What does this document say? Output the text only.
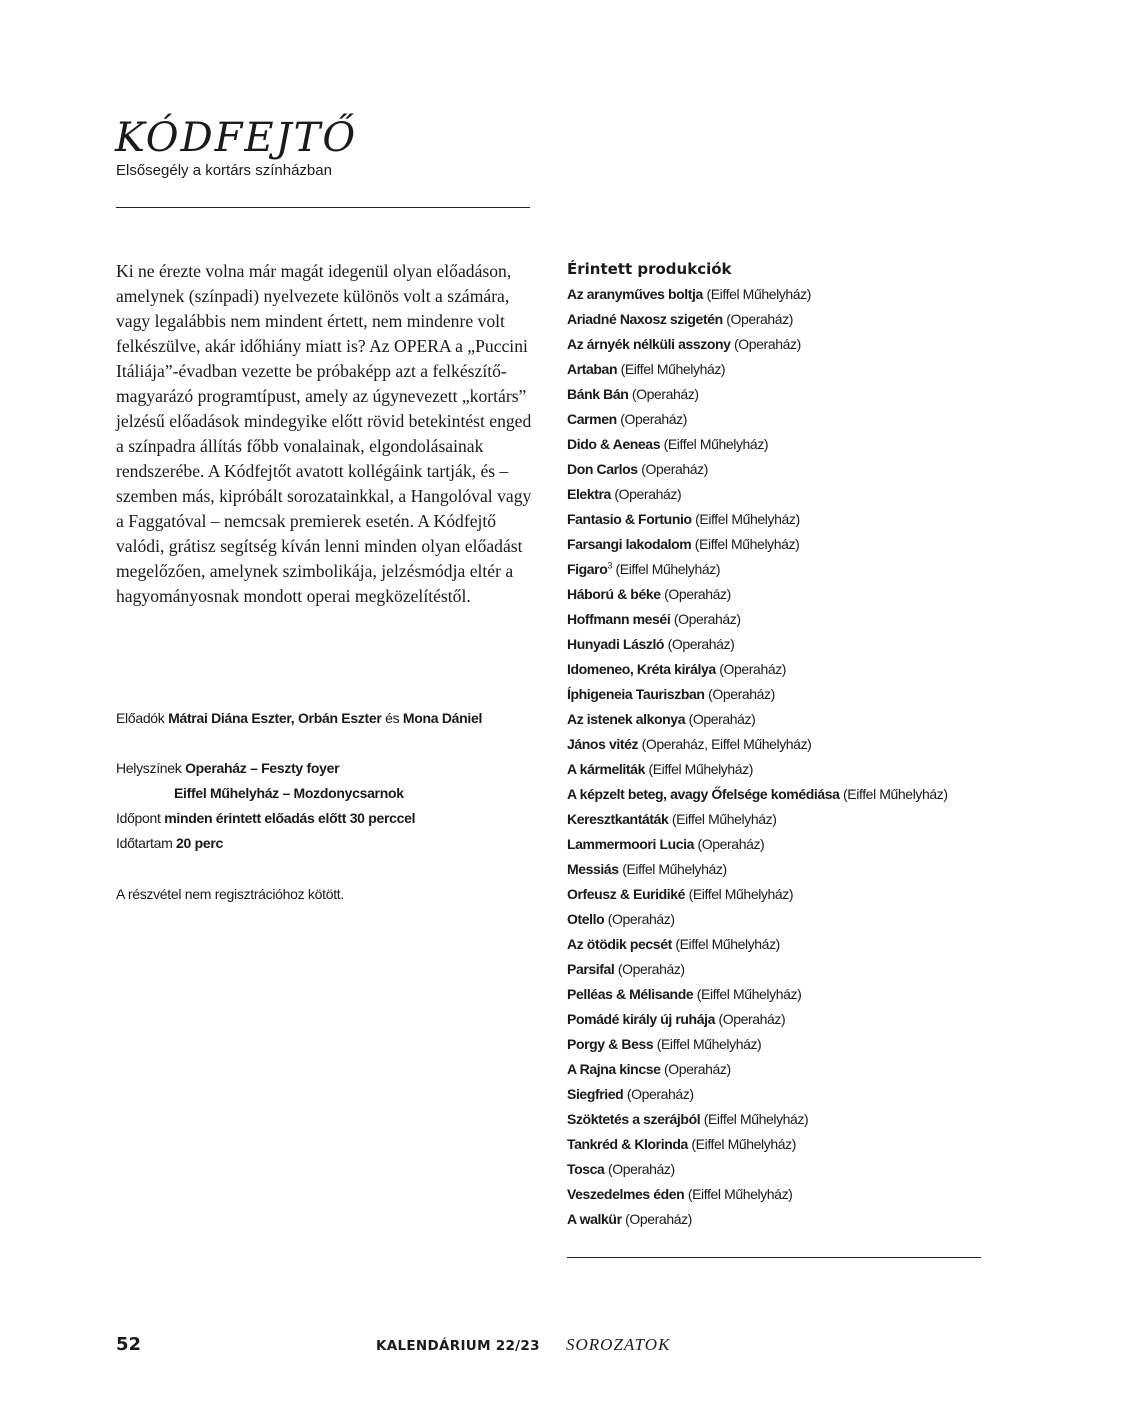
KÓDFEJTŐ
Elsősegély a kortárs színházban

Ki ne érezte volna már magát idegenül olyan előadáson, amelynek (színpadi) nyelvezete különös volt a számára, vagy legalábbis nem mindent értett, nem mindenre volt felkészülve, akár időhiány miatt is? Az OPERA a „Puccini Itáliája”-évadban vezette be próbaképp azt a felkészítő-magyarázó programtípust, amely az úgynevezett „kortárs” jelzésű előadások mindegyike előtt rövid betekintést enged a színpadra állítás főbb vonalainak, elgondolásainak rendszerébe. A Kódfejtőt avatott kollégáink tartják, és – szemben más, kipróbált sorozatainkkal, a Hangolóval vagy a Faggatóval – nemcsak premierek esetén. A Kódfejtő valódi, grátisz segítség kíván lenni minden olyan előadást megelőzően, amelynek szimbolikája, jelzésmódja eltér a hagyományosnak mondott operai megközelítéstől.

Előadók Mátrai Diána Eszter, Orbán Eszter és Mona Dániel
Helyszínek Operaház – Feszty foyer
Eiffel Műhelyház – Mozdonycsarnok
Időpont minden érintett előadás előtt 30 perccel
Időtartam 20 perc
A részvétel nem regisztrációhoz kötött.
Érintett produkciók
Az aranyműves boltja (Eiffel Műhelyház)
Ariadné Naxosz szigetén (Operaház)
Az árnyék nélküli asszony (Operaház)
Artaban (Eiffel Műhelyház)
Bánk Bán (Operaház)
Carmen (Operaház)
Dido & Aeneas (Eiffel Műhelyház)
Don Carlos (Operaház)
Elektra (Operaház)
Fantasio & Fortunio (Eiffel Műhelyház)
Farsangi lakodalom (Eiffel Műhelyház)
Figaro$^3$ (Eiffel Műhelyház)
Háború & béke (Operaház)
Hoffmann meséi (Operaház)
Hunyadi László (Operaház)
Idomeneo, Kréta királya (Operaház)
Íphigeneia Tauriszban (Operaház)
Az istenek alkonya (Operaház)
János vitéz (Operaház, Eiffel Műhelyház)
A kármeliták (Eiffel Műhelyház)
A képzelt beteg, avagy Őfelsége komédiása (Eiffel Műhelyház)
Keresztkantáták (Eiffel Műhelyház)
Lammermoori Lucia (Operaház)
Messiás (Eiffel Műhelyház)
Orfeusz & Euridiké (Eiffel Műhelyház)
Otello (Operaház)
Az ötödik pecsét (Eiffel Műhelyház)
Parsifal (Operaház)
Pelléas & Mélisande (Eiffel Műhelyház)
Pomádé király új ruhája (Operaház)
Porgy & Bess (Eiffel Műhelyház)
A Rajna kincse (Operaház)
Siegfried (Operaház)
Szöktetés a szerájból (Eiffel Műhelyház)
Tankréd & Klorinda (Eiffel Műhelyház)
Tosca (Operaház)
Veszedelmes éden (Eiffel Műhelyház)
A walkür (Operaház)
52	KALENDÁRIUM 22/23 SOROZATOK
